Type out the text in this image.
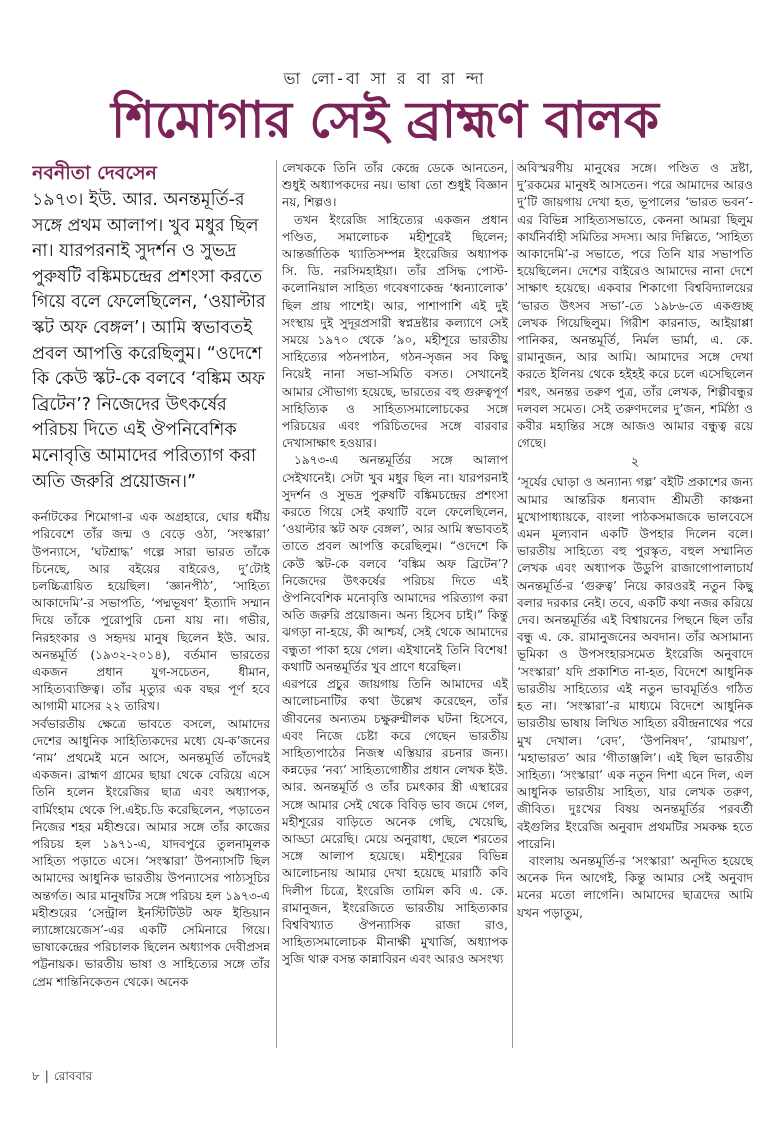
ভা লো-বা সা র বা রা ন্দা
শিমোগার সেই ব্রাহ্মণ বালক
নবনীতা দেবসেন
১৯৭৩। ইউ. আর. অনন্তমূর্তি-র সঙ্গে প্রথম আলাপ। খুব মধুর ছিল না। যারপরনাই সুদর্শন ও সুভদ্র পুরুষটি বঙ্কিমচন্দ্রের প্রশংসা করতে গিয়ে বলে ফেলেছিলেন, ‘ওয়াল্টার স্কট অফ বেঙ্গল’। আমি স্বভাবতই প্রবল আপত্তি করেছিলুম। “ওদেশে কি কেউ স্কট-কে বলবে ‘বঙ্কিম অফ ব্রিটেন’? নিজেদের উৎকর্ষের পরিচয় দিতে এই ঔপনিবেশিক মনোবৃত্তি আমাদের পরিত্যাগ করা অতি জরুরি প্রয়োজন।”

কর্নাটকের শিমোগা-র এক অগ্রহারে, ঘোর ধর্মীয় পরিবেশে তাঁর জন্ম ও বেড়ে ওঠা, ‘সংস্কারা’ উপন্যাসে, ‘ঘটশ্রাদ্ধ’ গল্পে সারা ভারত তাঁকে চিনেছে, আর বইয়ের বাইরেও, দু’টোই চলচ্চিত্রায়িত হয়েছিল। ‘জ্ঞানপীঠ’, ‘সাহিত্য আকাদেমি’-র সভাপতি, ‘পদ্মভূষণ’ ইত্যাদি সম্মান দিয়ে তাঁকে পুরোপুরি চেনা যায় না। গভীর, নিরহংকার ও সহৃদয় মানুষ ছিলেন ইউ. আর. অনন্তমূর্তি (১৯৩২-২০১৪), বর্তমান ভারতের একজন প্রধান যুগ-সচেতন, ধীমান, সাহিত্যব্যক্তিত্ব। তাঁর মৃত্যুর এক বছর পূর্ণ হবে আগামী মাসের ২২ তারিখ।

সর্বভারতীয় ক্ষেত্রে ভাবতে বসলে, আমাদের দেশের আধুনিক সাহিত্যিকদের মধ্যে যে-ক’জনের ‘নাম’ প্রথমেই মনে আসে, অনন্তমূর্তি তাঁদেরই একজন। ব্রাহ্মণ গ্রামের ছায়া থেকে বেরিয়ে এসে তিনি হলেন ইংরেজির ছাত্র এবং অধ্যাপক, বার্মিংহাম থেকে পি.এইচ.ডি করেছিলেন, পড়াতেন নিজের শহর মহীশুরে। আমার সঙ্গে তাঁর কাজের পরিচয় হল ১৯৭১-এ, যাদবপুরে তুলনামূলক সাহিত্য পড়াতে এসে। ‘সংস্কারা’ উপন্যাসটি ছিল আমাদের আধুনিক ভারতীয় উপন্যাসের পাঠ্যসূচির অন্তর্গত। আর মানুষটির সঙ্গে পরিচয় হল ১৯৭৩-এ মহীশুরের ‘সেন্ট্রাল ইনস্টিটিউট অফ ইন্ডিয়ান ল্যাঙ্গোয়েজেস’-এর একটি সেমিনারে গিয়ে। ভাষাকেন্দ্রের পরিচালক ছিলেন অধ্যাপক দেবীপ্রসন্ন পট্টনায়ক। ভারতীয় ভাষা ও সাহিত্যের সঙ্গে তাঁর প্রেম শান্তিনিকেতন থেকে। অনেক

লেখককে তিনি তাঁর কেন্দ্রে ডেকে আনতেন, শুধুই অধ্যাপকদের নয়। ভাষা তো শুধুই বিজ্ঞান নয়, শিল্পও।

তখন ইংরেজি সাহিত্যের একজন প্রধান পণ্ডিত, সমালোচক মহীশূরেই ছিলেন; আন্তর্জাতিক খ্যাতিসম্পন্ন ইংরেজির অধ্যাপক সি. ডি. নরসিমহাইয়া। তাঁর প্রসিদ্ধ পোস্ট-কলোনিয়াল সাহিত্য গবেষণাকেন্দ্র ‘ধ্বন্যালোক’ ছিল প্রায় পাশেই। আর, পাশাপাশি এই দুই সংস্থায় দুই সুদূরপ্রসারী স্বপ্নদ্রষ্টার কল্যাণে সেই সময়ে ১৯৭০ থেকে ’৯০, মহীশূরে ভারতীয় সাহিত্যের পঠনপাঠন, গঠন-সৃজন সব কিছু নিয়েই নানা সভা-সমিতি বসত। সেখানেই আমার সৌভাগ্য হয়েছে, ভারতের বহু গুরুত্বপূর্ণ সাহিত্যিক ও সাহিত্যসমালোচকের সঙ্গে পরিচয়ের এবং পরিচিতদের সঙ্গে বারবার দেখাসাক্ষাৎ হওয়ার।

১৯৭৩-এ অনন্তমূর্তির সঙ্গে আলাপ সেইখানেই। সেটা খুব মধুর ছিল না। যারপরনাই সুদর্শন ও সুভদ্র পুরুষটি বঙ্কিমচন্দ্রের প্রশংসা করতে গিয়ে সেই কথাটি বলে ফেলেছিলেন, ‘ওয়াল্টার স্কট অফ বেঙ্গল’, আর আমি স্বভাবতই তাতে প্রবল আপত্তি করেছিলুম। “ওদেশে কি কেউ স্কট-কে বলবে ‘বঙ্কিম অফ ব্রিটেন’? নিজেদের উৎকর্ষের পরিচয় দিতে এই ঔপনিবেশিক মনোবৃত্তি আমাদের পরিত্যাগ করা অতি জরুরি প্রয়োজন। অন্য হিসেব চাই।” কিন্তু ঝগড়া না-হয়ে, কী আশ্চর্য, সেই থেকে আমাদের বন্ধুতা পাকা হয়ে গেল। এইখানেই তিনি বিশেষ! কথাটি অনন্তমূর্তির খুব প্রাণে ধরেছিল।

এরপরে প্রচুর জায়গায় তিনি আমাদের এই আলোচনাটির কথা উল্লেখ করেছেন, তাঁর জীবনের অন্যতম চক্ষুরুন্মীলক ঘটনা হিসেবে, এবং নিজে চেষ্টা করে গেছেন ভারতীয় সাহিত্যপাঠের নিজস্ব এস্তিয়ার রচনার জন্য। কন্নড়ের ‘নব্য’ সাহিত্যগোষ্ঠীর প্রধান লেখক ইউ. আর. অনন্তমূর্তি ও তাঁর চমৎকার স্ত্রী এস্থারের সঙ্গে আমার সেই থেকে বিবিড় ভাব জমে গেল, মহীশূরের বাড়িতে অনেক গেছি, খেয়েছি, আড্ডা মেরেছি। মেয়ে অনুরাধা, ছেলে শরতের সঙ্গে আলাপ হয়েছে। মহীশূরের বিভিন্ন আলোচনায় আমার দেখা হয়েছে মারাঠি কবি দিলীপ চিত্রে, ইংরেজি তামিল কবি এ. কে. রামানুজন, ইংরেজিতে ভারতীয় সাহিত্যকার বিশ্ববিখ্যাত ঔপন্যাসিক রাজা রাও, সাহিত্যসমালোচক মীনাক্ষী মুখার্জি, অধ্যাপক সুজি থারু বসন্ত কান্নাবিরন এবং আরও অসংখ্য

অবিস্মরণীয় মানুষের সঙ্গে। পণ্ডিত ও দ্রষ্টা, দু’রকমের মানুষই আসতেন। পরে আমাদের আরও দু’টি জায়গায় দেখা হত, ভূপালের ‘ভারত ভবন’-এর বিভিন্ন সাহিত্যসভাতে, কেননা আমরা ছিলুম কার্যনির্বাহী সমিতির সদস্য। আর দিল্লিতে, ‘সাহিত্য আকাদেমি’-র সভাতে, পরে তিনি যার সভাপতি হয়েছিলেন। দেশের বাইরেও আমাদের নানা দেশে সাক্ষাৎ হয়েছে। একবার শিকাগো বিশ্ববিদ্যালয়ের ‘ভারত উৎসব সভা’-তে ১৯৮৬-তে একগুচ্ছ লেখক গিয়েছিলুম। গিরীশ কারনাড, আইয়াপ্পা পানিকর, অনন্তমূর্তি, নির্মল ভার্মা, এ. কে. রামানুজন, আর আমি। আমাদের সঙ্গে দেখা করতে ইলিনয় থেকে হইহই করে চলে এসেছিলেন শরৎ, অনন্তর তরুণ পুত্র, তাঁর লেখক, শিল্পীবন্ধুর দলবল সমেত। সেই তরুণদলের দু’জন, শর্মিষ্ঠা ও কবীর মহান্তির সঙ্গে আজও আমার বন্ধুত্ব রয়ে গেছে।

২

‘সূর্যের ঘোড়া ও অন্যান্য গল্প’ বইটি প্রকাশের জন্য আমার আন্তরিক ধন্যবাদ শ্রীমতী কাঞ্চনা মুখোপাধ্যায়কে, বাংলা পাঠকসমাজকে ভালবেসে এমন মূল্যবান একটি উপহার দিলেন বলে। ভারতীয় সাহিত্যে বহু পুরস্কৃত, বহুল সম্মানিত লেখক এবং অধ্যাপক উডুপি রাজাগোপালাচার্য অনন্তমূর্তি-র ‘গুরুত্ব’ নিয়ে কারওরই নতুন কিছু বলার দরকার নেই। তবে, একটি কথা নজর করিয়ে দেব। অনন্তমূর্তির এই বিশ্বায়নের পিছনে ছিল তাঁর বন্ধু এ. কে. রামানুজনের অবদান। তাঁর অসামান্য ভূমিকা ও উপসংহারসমেত ইংরেজি অনুবাদে ‘সংস্কারা’ যদি প্রকাশিত না-হত, বিদেশে আধুনিক ভারতীয় সাহিত্যের এই নতুন ভাবমূর্তিও গঠিত হত না। ‘সংস্কারা’-র মাধ্যমে বিদেশে আধুনিক ভারতীয় ভাষায় লিখিত সাহিত্য রবীন্দ্রনাথের পরে মুখ দেখাল। ‘বেদ’, ‘উপনিষদ’, ‘রামায়ণ’, ‘মহাভারত’ আর ‘গীতাঞ্জলি’। এই ছিল ভারতীয় সাহিত্য। ‘সংস্কারা’ এক নতুন দিশা এনে দিল, এল আধুনিক ভারতীয় সাহিত্য, যার লেখক তরুণ, জীবিত। দুঃখের বিষয় অনন্তমূর্তির পরবর্তী বইগুলির ইংরেজি অনুবাদ প্রথমটির সমকক্ষ হতে পারেনি।

বাংলায় অনন্তমূর্তি-র ‘সংস্কারা’ অনূদিত হয়েছে অনেক দিন আগেই, কিন্তু আমার সেই অনুবাদ মনের মতো লাগেনি। আমাদের ছাত্রদের আমি যখন পড়াতুম,

৮ | রোববার
